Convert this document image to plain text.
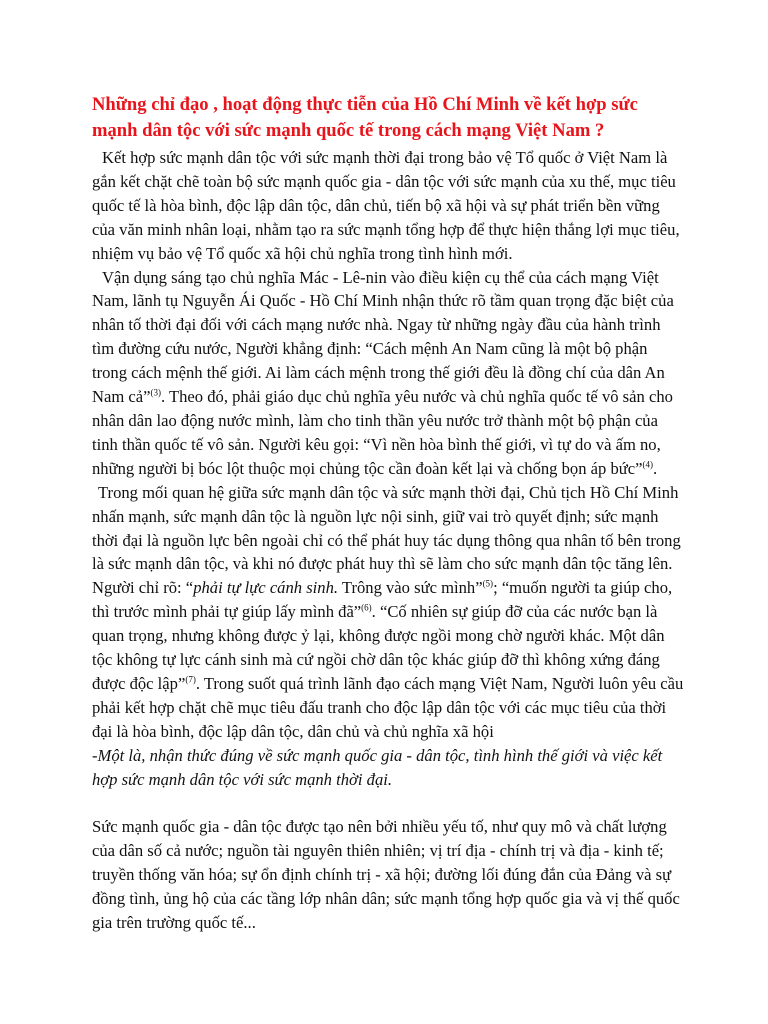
Những chỉ đạo , hoạt động thực tiễn của Hồ Chí Minh về kết hợp sức mạnh dân tộc với sức mạnh quốc tế trong cách mạng Việt Nam ?

Kết hợp sức mạnh dân tộc với sức mạnh thời đại trong bảo vệ Tổ quốc ở Việt Nam là gắn kết chặt chẽ toàn bộ sức mạnh quốc gia - dân tộc với sức mạnh của xu thế, mục tiêu quốc tế là hòa bình, độc lập dân tộc, dân chủ, tiến bộ xã hội và sự phát triển bền vững của văn minh nhân loại, nhằm tạo ra sức mạnh tổng hợp để thực hiện thắng lợi mục tiêu, nhiệm vụ bảo vệ Tổ quốc xã hội chủ nghĩa trong tình hình mới.

Vận dụng sáng tạo chủ nghĩa Mác - Lê-nin vào điều kiện cụ thể của cách mạng Việt Nam, lãnh tụ Nguyễn Ái Quốc - Hồ Chí Minh nhận thức rõ tầm quan trọng đặc biệt của nhân tố thời đại đối với cách mạng nước nhà. Ngay từ những ngày đầu của hành trình tìm đường cứu nước, Người khẳng định: “Cách mệnh An Nam cũng là một bộ phận trong cách mệnh thế giới. Ai làm cách mệnh trong thế giới đều là đồng chí của dân An Nam cả”$^{(3)}$. Theo đó, phải giáo dục chủ nghĩa yêu nước và chủ nghĩa quốc tế vô sản cho nhân dân lao động nước mình, làm cho tinh thần yêu nước trở thành một bộ phận của tinh thần quốc tế vô sản. Người kêu gọi: “Vì nền hòa bình thế giới, vì tự do và ấm no, những người bị bóc lột thuộc mọi chủng tộc cần đoàn kết lại và chống bọn áp bức”$^{(4)}$.

Trong mối quan hệ giữa sức mạnh dân tộc và sức mạnh thời đại, Chủ tịch Hồ Chí Minh nhấn mạnh, sức mạnh dân tộc là nguồn lực nội sinh, giữ vai trò quyết định; sức mạnh thời đại là nguồn lực bên ngoài chỉ có thể phát huy tác dụng thông qua nhân tố bên trong là sức mạnh dân tộc, và khi nó được phát huy thì sẽ làm cho sức mạnh dân tộc tăng lên. Người chỉ rõ: “phải tự lực cánh sinh. Trông vào sức mình”$^{(5)}$; “muốn người ta giúp cho, thì trước mình phải tự giúp lấy mình đã”$^{(6)}$. “Cố nhiên sự giúp đỡ của các nước bạn là quan trọng, nhưng không được ỷ lại, không được ngồi mong chờ người khác. Một dân tộc không tự lực cánh sinh mà cứ ngồi chờ dân tộc khác giúp đỡ thì không xứng đáng được độc lập”$^{(7)}$. Trong suốt quá trình lãnh đạo cách mạng Việt Nam, Người luôn yêu cầu phải kết hợp chặt chẽ mục tiêu đấu tranh cho độc lập dân tộc với các mục tiêu của thời đại là hòa bình, độc lập dân tộc, dân chủ và chủ nghĩa xã hội

-Một là, nhận thức đúng về sức mạnh quốc gia - dân tộc, tình hình thế giới và việc kết hợp sức mạnh dân tộc với sức mạnh thời đại.

Sức mạnh quốc gia - dân tộc được tạo nên bởi nhiều yếu tố, như quy mô và chất lượng của dân số cả nước; nguồn tài nguyên thiên nhiên; vị trí địa - chính trị và địa - kinh tế; truyền thống văn hóa; sự ổn định chính trị - xã hội; đường lối đúng đắn của Đảng và sự đồng tình, ủng hộ của các tầng lớp nhân dân; sức mạnh tổng hợp quốc gia và vị thế quốc gia trên trường quốc tế...
